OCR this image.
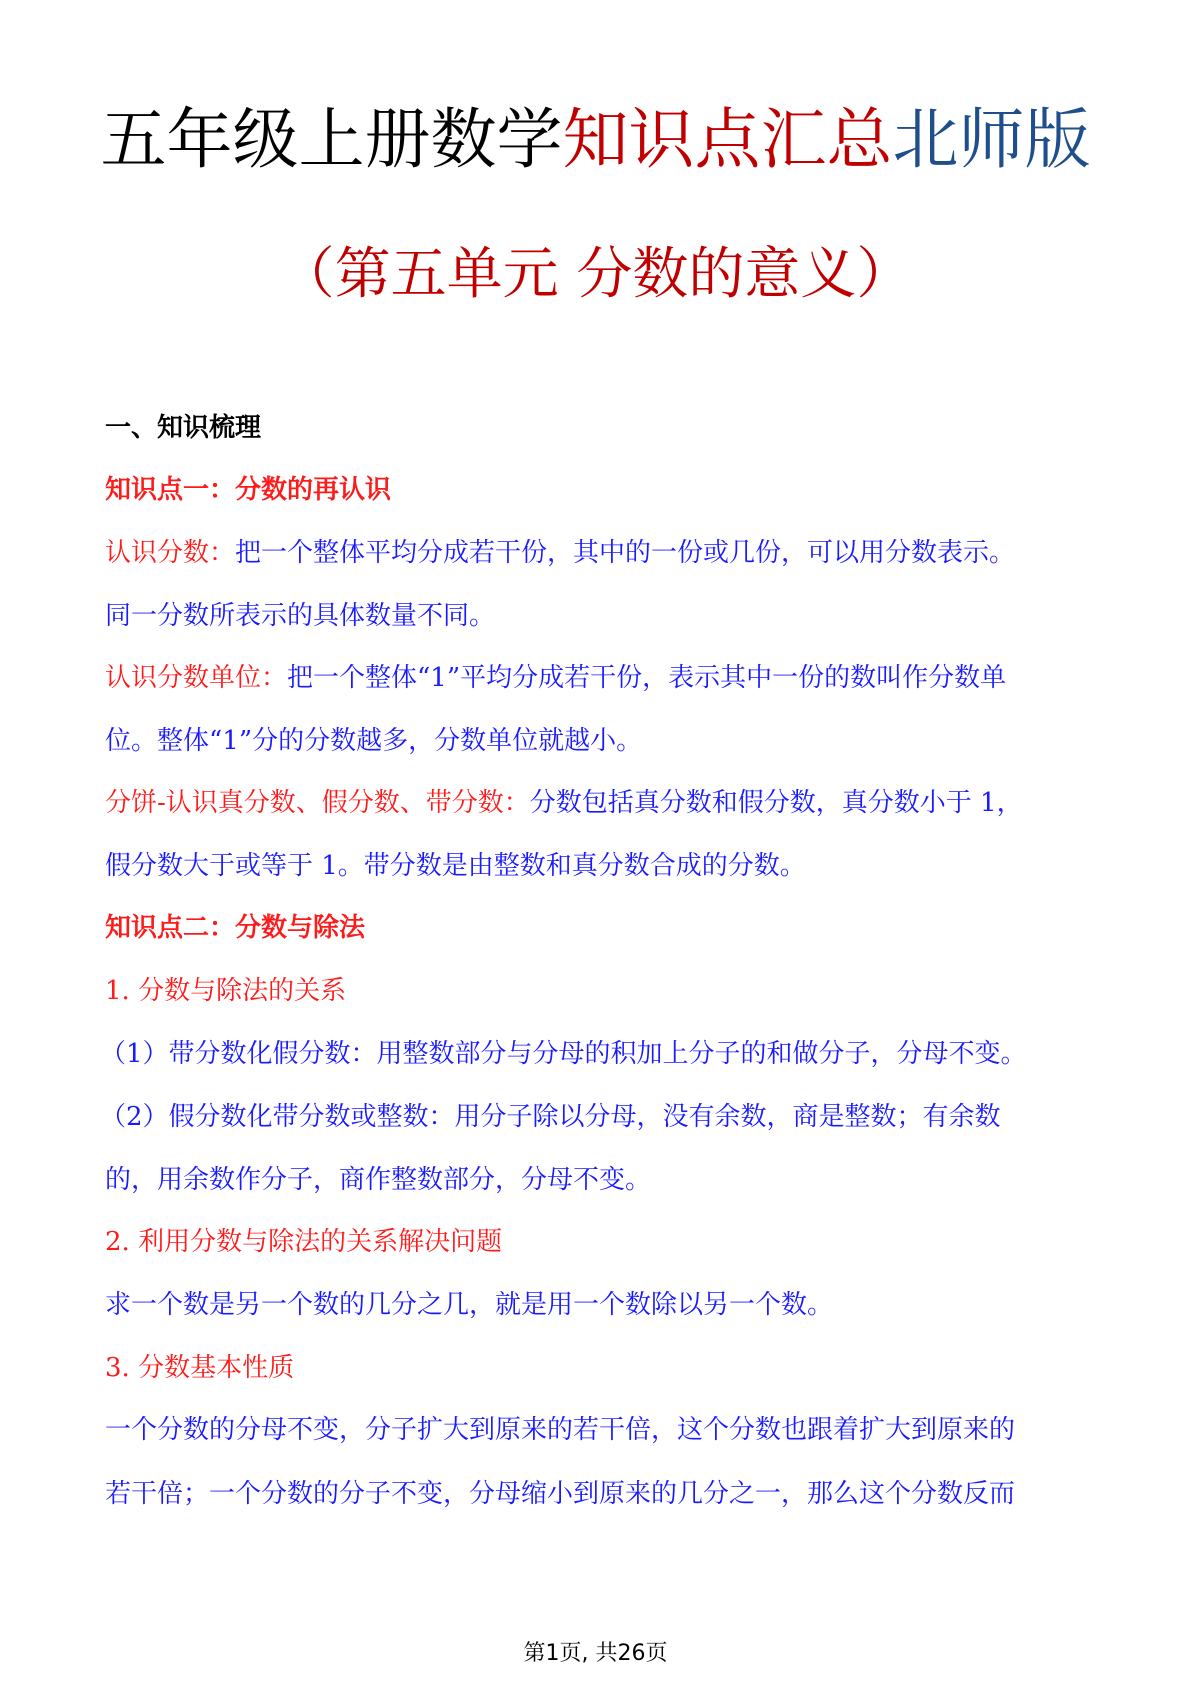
五年级上册数学知识点汇总北师版
（第五单元 分数的意义）
一、知识梳理
知识点一：分数的再认识
认识分数：把一个整体平均分成若干份，其中的一份或几份，可以用分数表示。
同一分数所表示的具体数量不同。
认识分数单位：把一个整体“1”平均分成若干份，表示其中一份的数叫作分数单
位。整体“1”分的分数越多，分数单位就越小。
分饼-认识真分数、假分数、带分数：分数包括真分数和假分数，真分数小于 1，
假分数大于或等于 1。带分数是由整数和真分数合成的分数。
知识点二：分数与除法
1. 分数与除法的关系
（1）带分数化假分数：用整数部分与分母的积加上分子的和做分子，分母不变。
（2）假分数化带分数或整数：用分子除以分母，没有余数，商是整数；有余数
的，用余数作分子，商作整数部分，分母不变。
2. 利用分数与除法的关系解决问题
求一个数是另一个数的几分之几，就是用一个数除以另一个数。
3. 分数基本性质
一个分数的分母不变，分子扩大到原来的若干倍，这个分数也跟着扩大到原来的
若干倍；一个分数的分子不变，分母缩小到原来的几分之一，那么这个分数反而
第1页, 共26页
